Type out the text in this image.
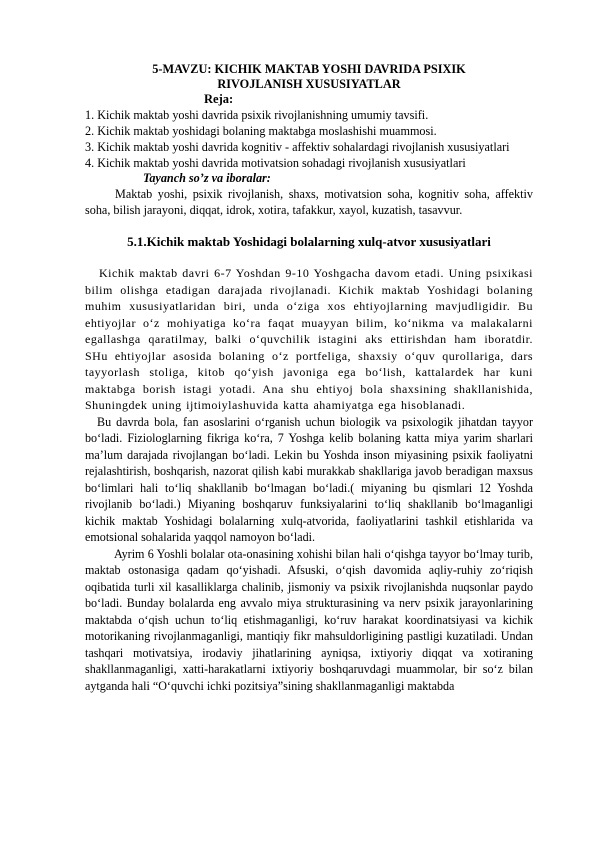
5-MAVZU: KICHIK MAKTAB YOSHI DAVRIDA PSIXIK
RIVOJLANISH XUSUSIYATLAR
Reja:
1. Kichik maktab yoshi davrida psixik rivojlanishning umumiy tavsifi.
2. Kichik maktab yoshidagi bolaning maktabga moslashishi muammosi.
3. Kichik maktab yoshi davrida kognitiv - affektiv sohalardagi rivojlanish xususiyatlari
4. Kichik maktab yoshi davrida motivatsion sohadagi rivojlanish xususiyatlari
Tayanch so’z va iboralar:
Maktab yoshi, psixik rivojlanish, shaxs, motivatsion soha, kognitiv soha, affektiv soha, bilish jarayoni, diqqat, idrok, xotira, tafakkur, xayol, kuzatish, tasavvur.
5.1.Kichik maktab Yoshidagi bolalarning xulq-atvor xususiyatlari

Kichik maktab davri 6-7 Yoshdan 9-10 Yoshgacha davom etadi. Uning psixikasi bilim olishga etadigan darajada rivojlanadi. Kichik maktab Yoshidagi bolaning muhim xususiyatlaridan biri, unda o‘ziga xos ehtiyojlarning mavjudligidir. Bu ehtiyojlar o‘z mohiyatiga ko‘ra faqat muayyan bilim, ko‘nikma va malakalarni egallashga qaratilmay, balki o‘quvchilik istagini aks ettirishdan ham iboratdir. SHu ehtiyojlar asosida bolaning o‘z portfeliga, shaxsiy o‘quv qurollariga, dars tayyorlash stoliga, kitob qo‘yish javoniga ega bo‘lish, kattalardek har kuni maktabga borish istagi yotadi. Ana shu ehtiyoj bola shaxsining shakllanishida, Shuningdek uning ijtimoiylashuvida katta ahamiyatga ega hisoblanadi.

Bu davrda bola, fan asoslarini o‘rganish uchun biologik va psixologik jihatdan tayyor bo‘ladi. Fiziologlarning fikriga ko‘ra, 7 Yoshga kelib bolaning katta miya yarim sharlari ma’lum darajada rivojlangan bo‘ladi. Lekin bu Yoshda inson miyasining psixik faoliyatni rejalashtirish, boshqarish, nazorat qilish kabi murakkab shakllariga javob beradigan maxsus bo‘limlari hali to‘liq shakllanib bo‘lmagan bo‘ladi.( miyaning bu qismlari 12 Yoshda rivojlanib bo‘ladi.) Miyaning boshqaruv funksiyalarini to‘liq shakllanib bo‘lmaganligi kichik maktab Yoshidagi bolalarning xulq-atvorida, faoliyatlarini tashkil etishlarida va emotsional sohalarida yaqqol namoyon bo‘ladi.

Ayrim 6 Yoshli bolalar ota-onasining xohishi bilan hali o‘qishga tayyor bo‘lmay turib, maktab ostonasiga qadam qo‘yishadi. Afsuski, o‘qish davomida aqliy-ruhiy zo‘riqish oqibatida turli xil kasalliklarga chalinib, jismoniy va psixik rivojlanishda nuqsonlar paydo bo‘ladi. Bunday bolalarda eng avvalo miya strukturasining va nerv psixik jarayonlarining maktabda o‘qish uchun to‘liq etishmaganligi, ko‘ruv harakat koordinatsiyasi va kichik motorikaning rivojlanmaganligi, mantiqiy fikr mahsuldorligining pastligi kuzatiladi. Undan tashqari motivatsiya, irodaviy jihatlarining ayniqsa, ixtiyoriy diqqat va xotiraning shakllanmaganligi, xatti-harakatlarni ixtiyoriy boshqaruvdagi muammolar, bir so‘z bilan aytganda hali “O‘quvchi ichki pozitsiya”sining shakllanmaganligi maktabda
